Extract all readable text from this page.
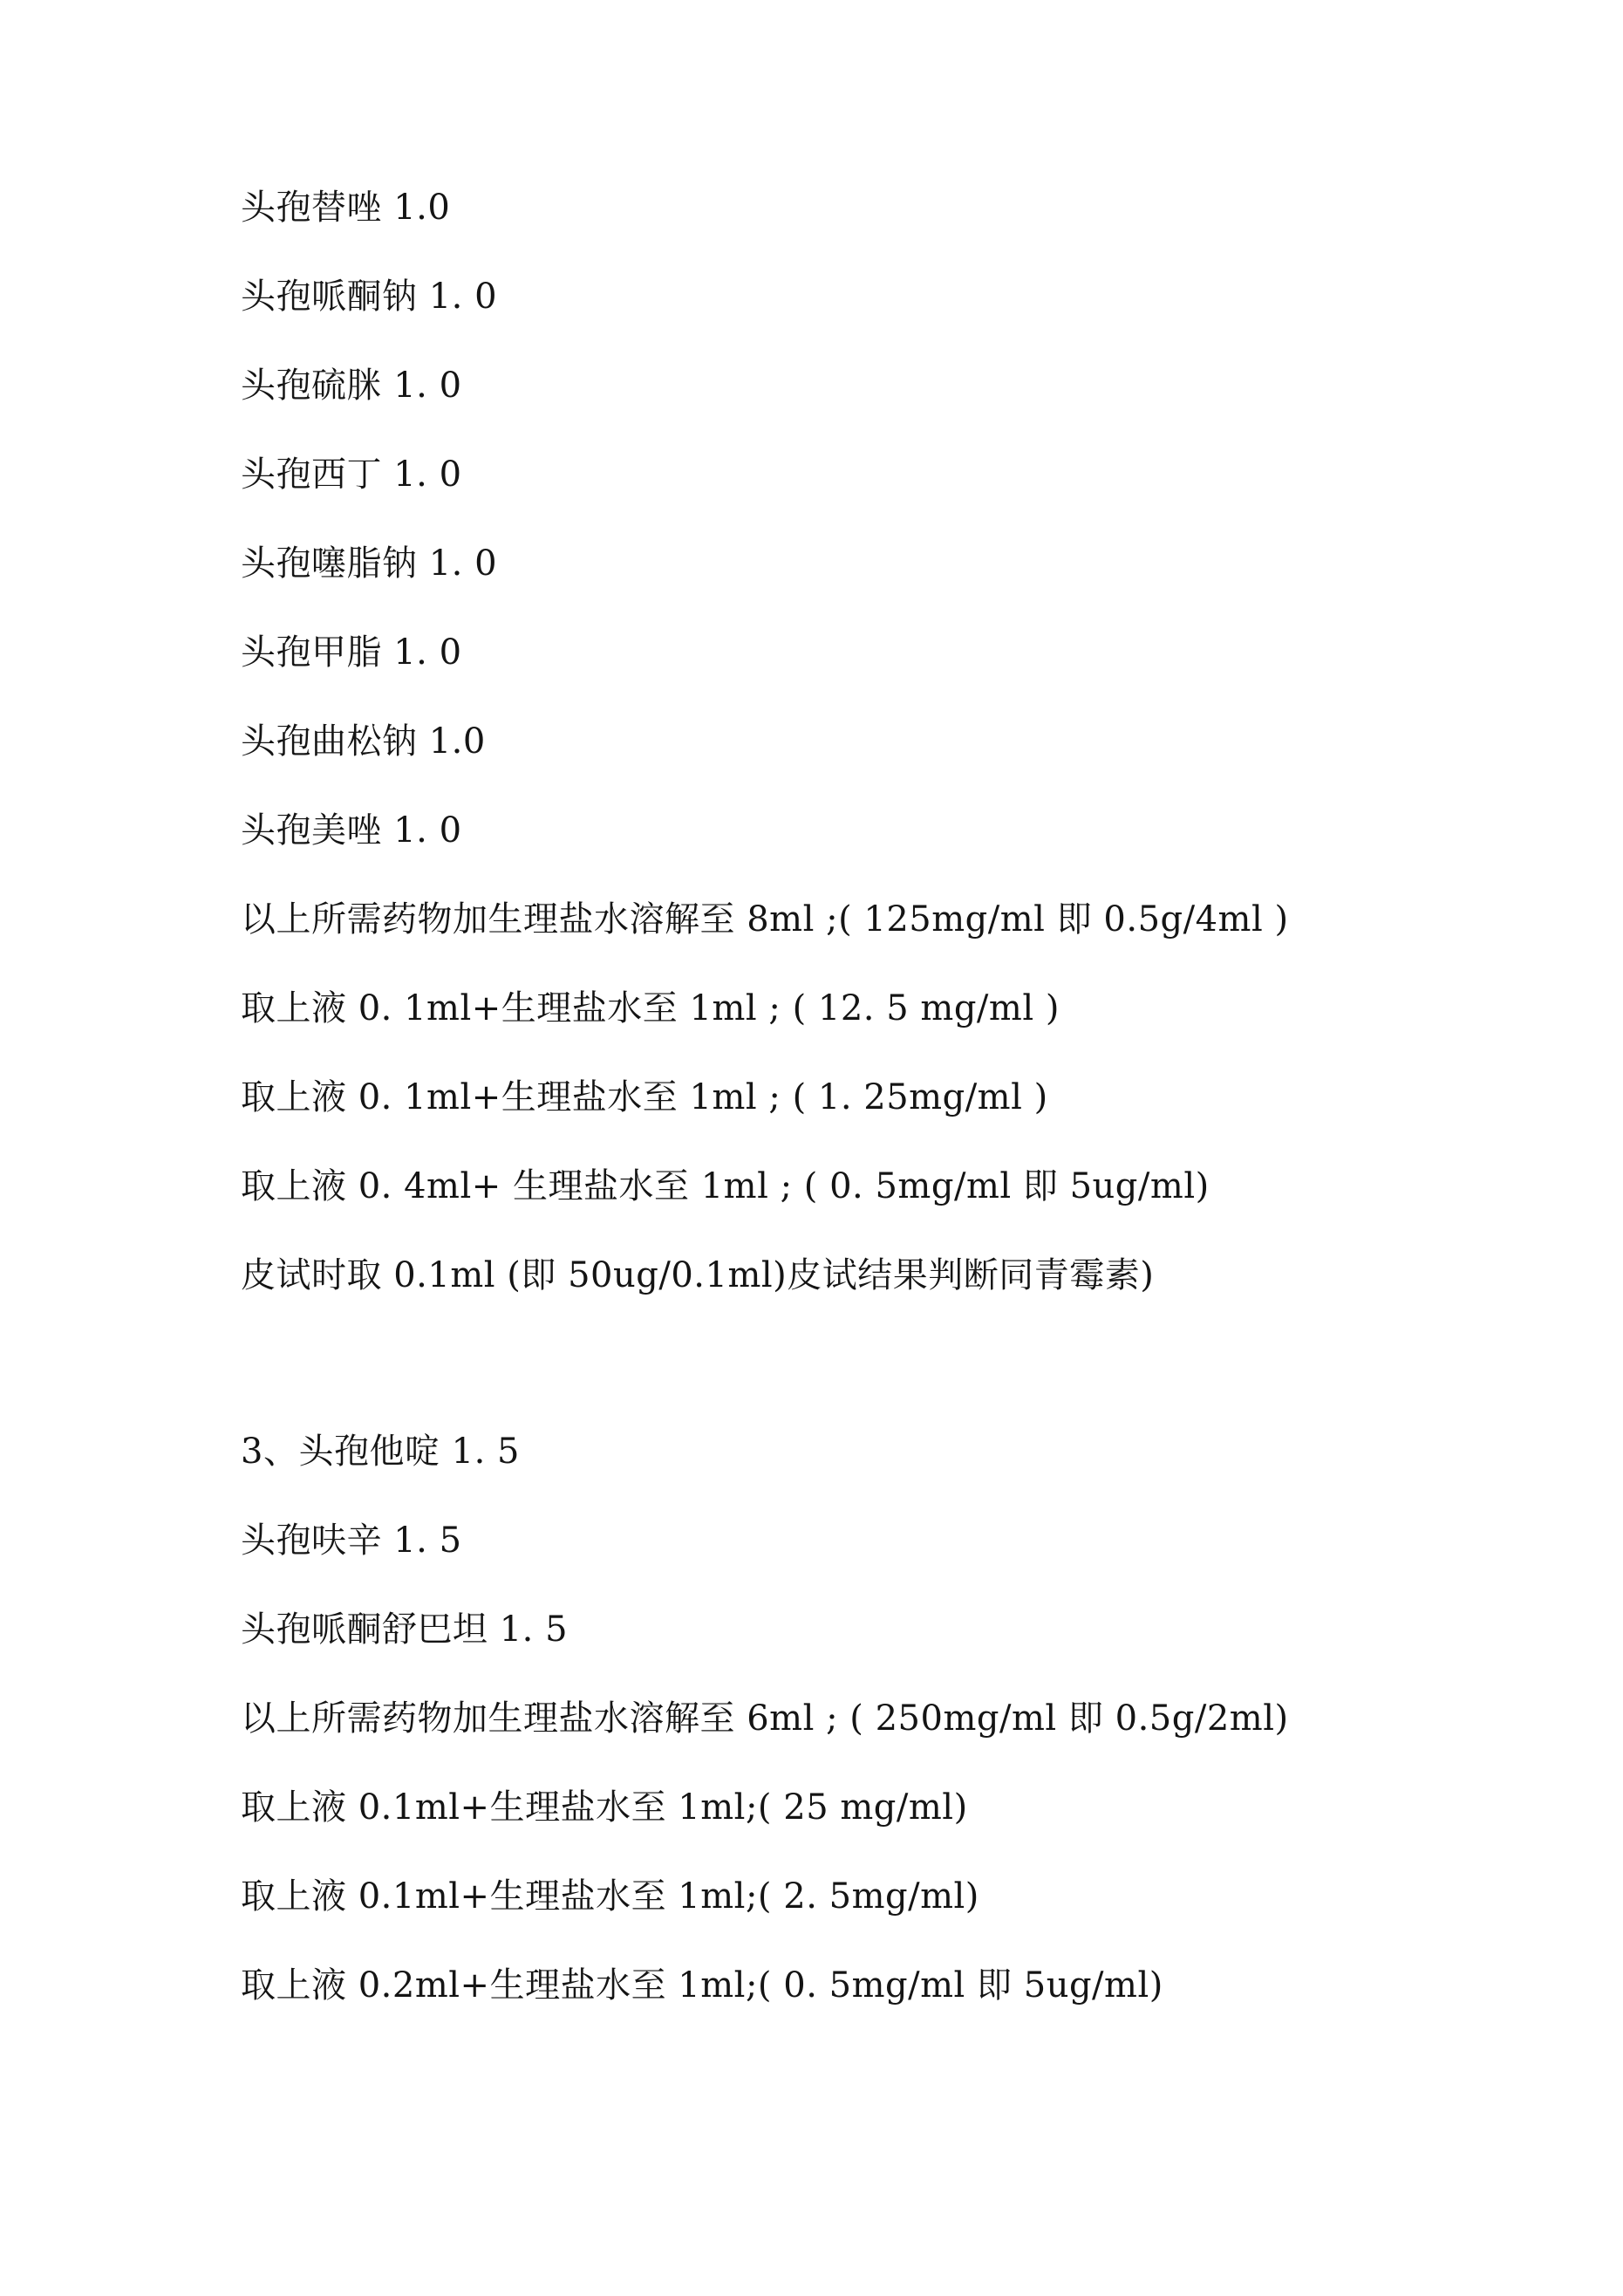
头孢替唑 1.0
头孢哌酮钠 1. 0
头孢硫脒 1. 0
头孢西丁 1. 0
头孢噻脂钠 1. 0
头孢甲脂 1. 0
头孢曲松钠 1.0
头孢美唑 1. 0
以上所需药物加生理盐水溶解至 8ml ;( 125mg/ml 即 0.5g/4ml )
取上液 0. 1ml+生理盐水至 1ml ; ( 12. 5 mg/ml )
取上液 0. 1ml+生理盐水至 1ml ; ( 1. 25mg/ml )
取上液 0. 4ml+ 生理盐水至 1ml ; ( 0. 5mg/ml 即 5ug/ml)
皮试时取 0.1ml (即 50ug/0.1ml)皮试结果判断同青霉素)
3、头孢他啶 1. 5
头孢呋辛 1. 5
头孢哌酮舒巴坦 1. 5
以上所需药物加生理盐水溶解至 6ml ; ( 250mg/ml 即 0.5g/2ml)
取上液 0.1ml+生理盐水至 1ml;( 25 mg/ml)
取上液 0.1ml+生理盐水至 1ml;( 2. 5mg/ml)
取上液 0.2ml+生理盐水至 1ml;( 0. 5mg/ml 即 5ug/ml)
